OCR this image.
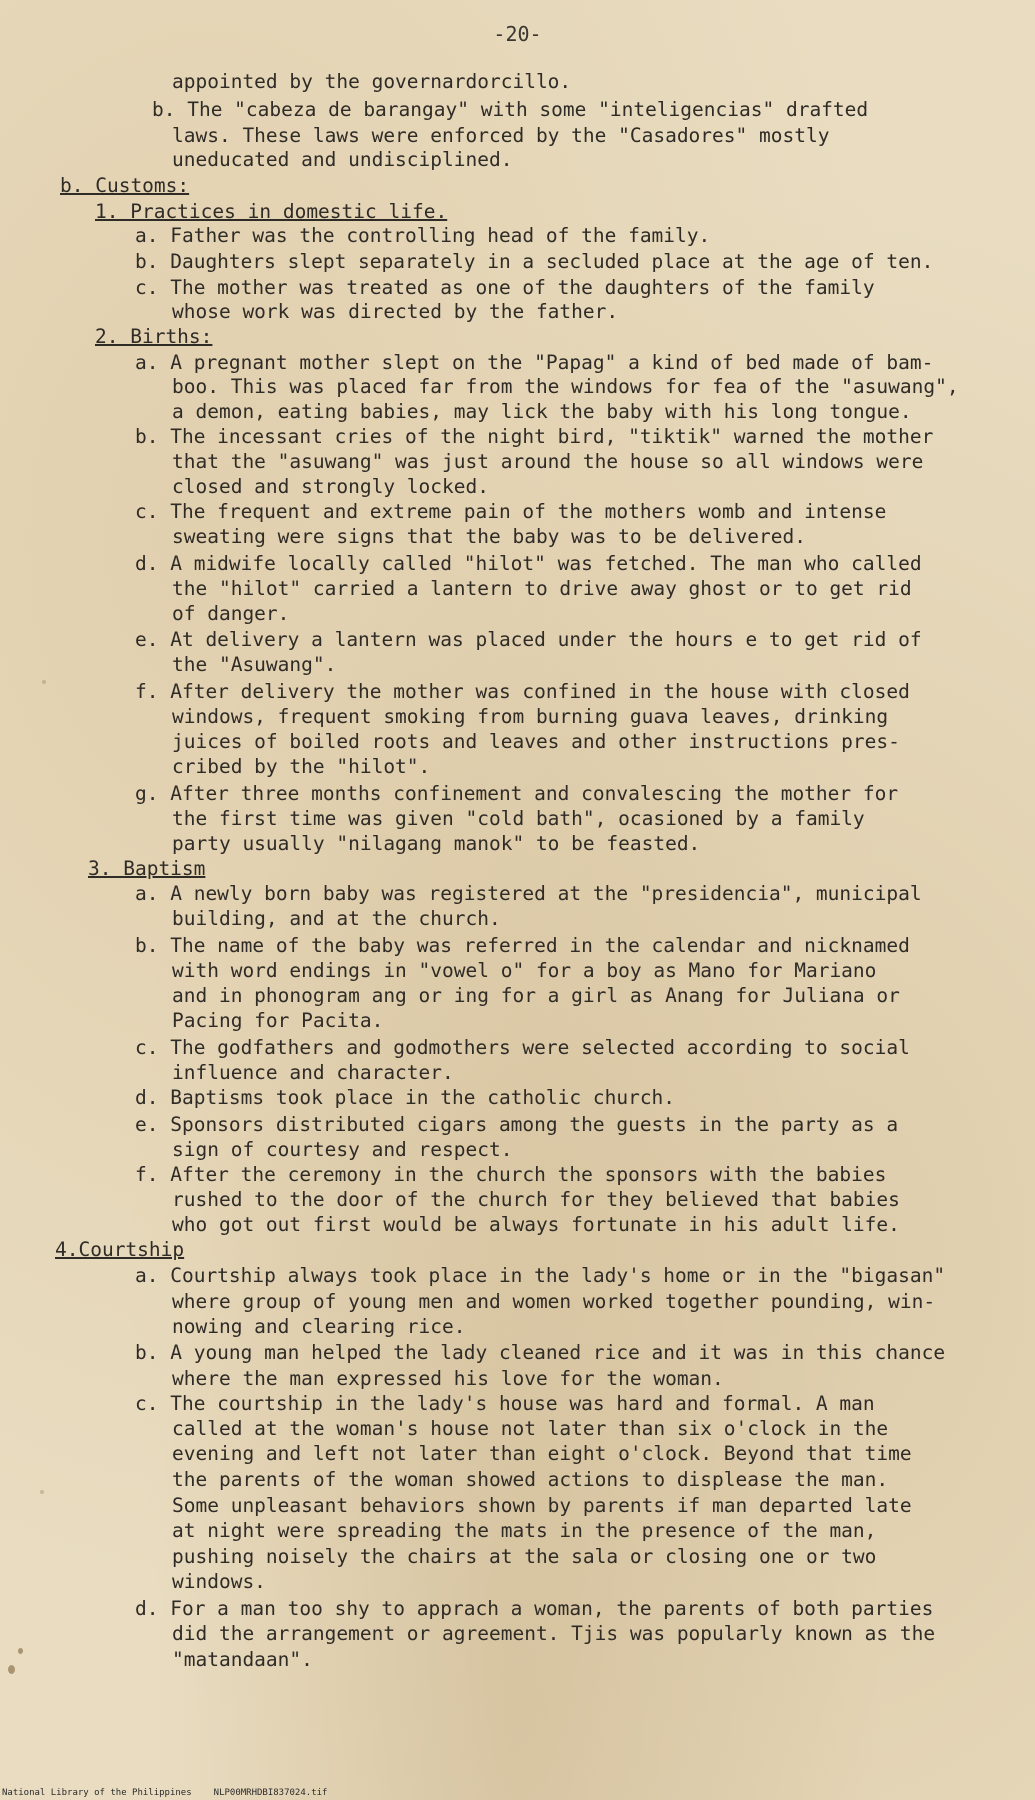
-20-
appointed by the governardorcillo.
b. The "cabeza de barangay" with some "inteligencias" drafted
laws. These laws were enforced by the "Casadores" mostly
uneducated and undisciplined.
b. Customs:
1. Practices in domestic life.
a. Father was the controlling head of the family.
b. Daughters slept separately in a secluded place at the age of ten.
c. The mother was treated as one of the daughters of the family
whose work was directed by the father.
2. Births:
a. A pregnant mother slept on the "Papag" a kind of bed made of bam-
boo. This was placed far from the windows for fea of the "asuwang",
a demon, eating babies, may lick the baby with his long tongue.
b. The incessant cries of the night bird, "tiktik" warned the mother
that the "asuwang" was just around the house so all windows were
closed and strongly locked.
c. The frequent and extreme pain of the mothers womb and intense
sweating were signs that the baby was to be delivered.
d. A midwife locally called "hilot" was fetched. The man who called
the "hilot" carried a lantern to drive away ghost or to get rid
of danger.
e. At delivery a lantern was placed under the hours e to get rid of
the "Asuwang".
f. After delivery the mother was confined in the house with closed
windows, frequent smoking from burning guava leaves, drinking
juices of boiled roots and leaves and other instructions pres-
cribed by the "hilot".
g. After three months confinement and convalescing the mother for
the first time was given "cold bath", ocasioned by a family
party usually "nilagang manok" to be feasted.
3. Baptism
a. A newly born baby was registered at the "presidencia", municipal
building, and at the church.
b. The name of the baby was referred in the calendar and nicknamed
with word endings in "vowel o" for a boy as Mano for Mariano
and in phonogram ang or ing for a girl as Anang for Juliana or
Pacing for Pacita.
c. The godfathers and godmothers were selected according to social
influence and character.
d. Baptisms took place in the catholic church.
e. Sponsors distributed cigars among the guests in the party as a
sign of courtesy and respect.
f. After the ceremony in the church the sponsors with the babies
rushed to the door of the church for they believed that babies
who got out first would be always fortunate in his adult life.
4.Courtship
a. Courtship always took place in the lady's home or in the "bigasan"
where group of young men and women worked together pounding, win-
nowing and clearing rice.
b. A young man helped the lady cleaned rice and it was in this chance
where the man expressed his love for the woman.
c. The courtship in the lady's house was hard and formal. A man
called at the woman's house not later than six o'clock in the
evening and left not later than eight o'clock. Beyond that time
the parents of the woman showed actions to displease the man.
Some unpleasant behaviors shown by parents if man departed late
at night were spreading the mats in the presence of the man,
pushing noisely the chairs at the sala or closing one or two
windows.
d. For a man too shy to apprach a woman, the parents of both parties
did the arrangement or agreement. Tjis was popularly known as the
"matandaan".
National Library of the Philippines NLP00MRHDBI837024.tif
